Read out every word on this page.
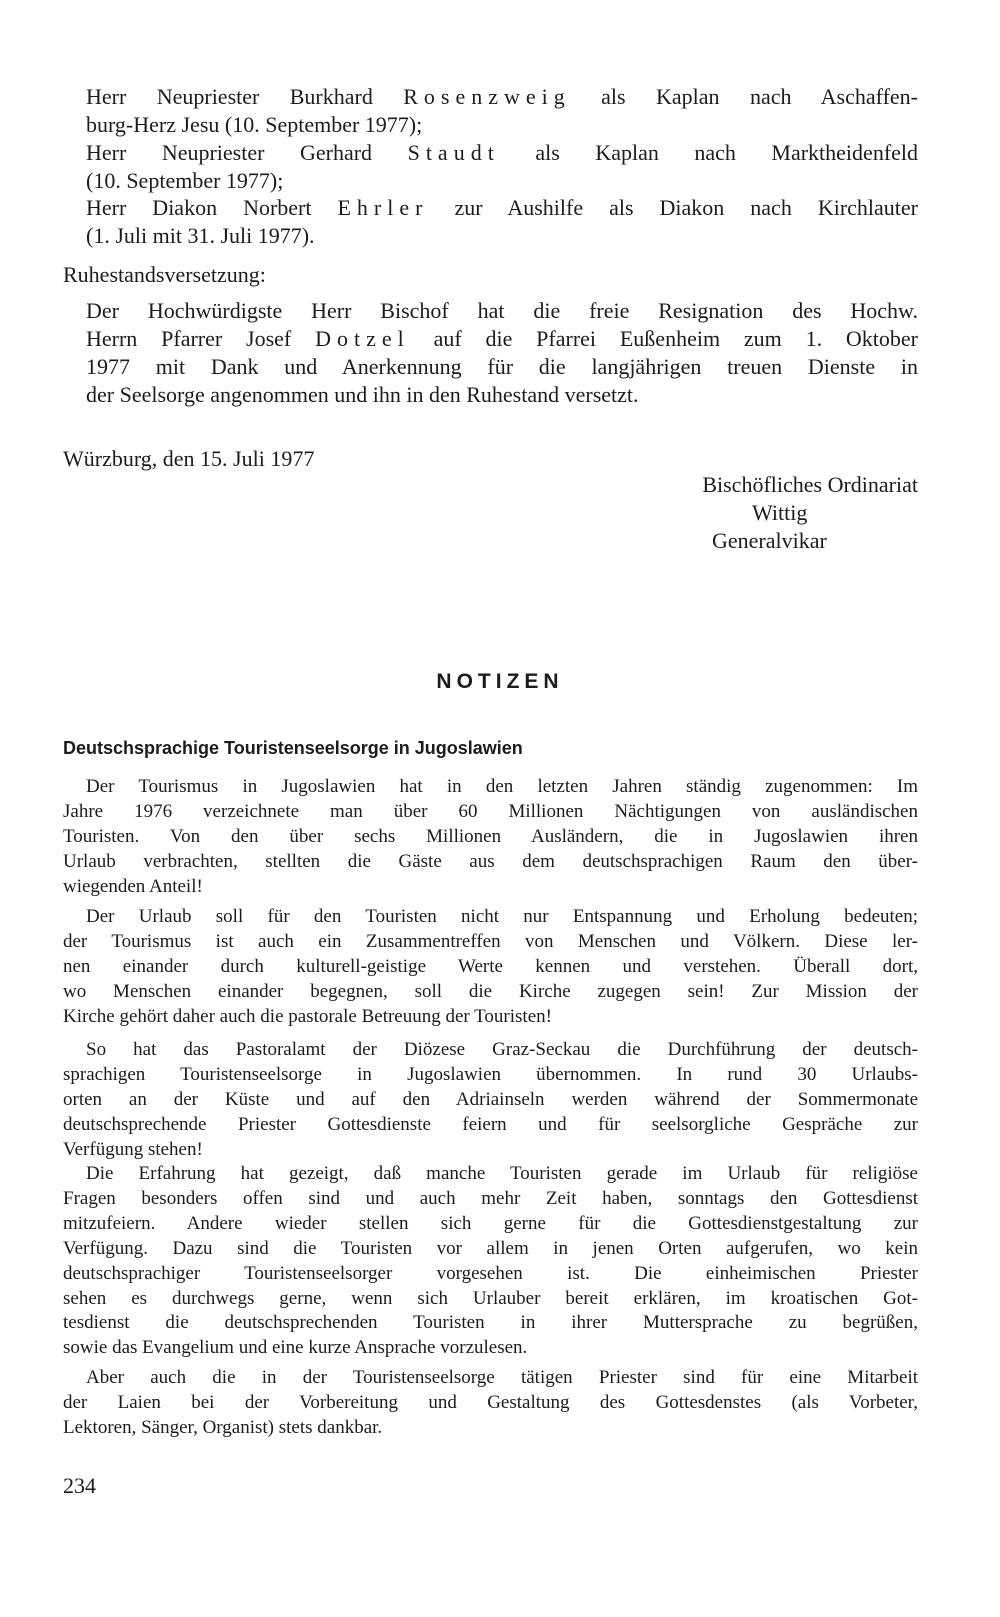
Herr Neupriester Burkhard Rosenzweig als Kaplan nach Aschaffen-
burg-Herz Jesu (10. September 1977);
Herr Neupriester Gerhard Staudt als Kaplan nach Marktheidenfeld
(10. September 1977);
Herr Diakon Norbert Ehrler zur Aushilfe als Diakon nach Kirchlauter
(1. Juli mit 31. Juli 1977).
Ruhestandsversetzung:
Der Hochwürdigste Herr Bischof hat die freie Resignation des Hochw.
Herrn Pfarrer Josef Dotzel auf die Pfarrei Eußenheim zum 1. Oktober
1977 mit Dank und Anerkennung für die langjährigen treuen Dienste in
der Seelsorge angenommen und ihn in den Ruhestand versetzt.
Würzburg, den 15. Juli 1977
Bischöfliches Ordinariat
Wittig
Generalvikar
NOTIZEN
Deutschsprachige Touristenseelsorge in Jugoslawien
Der Tourismus in Jugoslawien hat in den letzten Jahren ständig zugenommen: Im
Jahre 1976 verzeichnete man über 60 Millionen Nächtigungen von ausländischen
Touristen. Von den über sechs Millionen Ausländern, die in Jugoslawien ihren
Urlaub verbrachten, stellten die Gäste aus dem deutschsprachigen Raum den über-
wiegenden Anteil!
Der Urlaub soll für den Touristen nicht nur Entspannung und Erholung bedeuten;
der Tourismus ist auch ein Zusammentreffen von Menschen und Völkern. Diese ler-
nen einander durch kulturell-geistige Werte kennen und verstehen. Überall dort,
wo Menschen einander begegnen, soll die Kirche zugegen sein! Zur Mission der
Kirche gehört daher auch die pastorale Betreuung der Touristen!
So hat das Pastoralamt der Diözese Graz-Seckau die Durchführung der deutsch-
sprachigen Touristenseelsorge in Jugoslawien übernommen. In rund 30 Urlaubs-
orten an der Küste und auf den Adriainseln werden während der Sommermonate
deutschsprechende Priester Gottesdienste feiern und für seelsorgliche Gespräche zur
Verfügung stehen!
Die Erfahrung hat gezeigt, daß manche Touristen gerade im Urlaub für religiöse
Fragen besonders offen sind und auch mehr Zeit haben, sonntags den Gottesdienst
mitzufeiern. Andere wieder stellen sich gerne für die Gottesdienstgestaltung zur
Verfügung. Dazu sind die Touristen vor allem in jenen Orten aufgerufen, wo kein
deutschsprachiger Touristenseelsorger vorgesehen ist. Die einheimischen Priester
sehen es durchwegs gerne, wenn sich Urlauber bereit erklären, im kroatischen Got-
tesdienst die deutschsprechenden Touristen in ihrer Muttersprache zu begrüßen,
sowie das Evangelium und eine kurze Ansprache vorzulesen.
Aber auch die in der Touristenseelsorge tätigen Priester sind für eine Mitarbeit
der Laien bei der Vorbereitung und Gestaltung des Gottesdenstes (als Vorbeter,
Lektoren, Sänger, Organist) stets dankbar.
234
